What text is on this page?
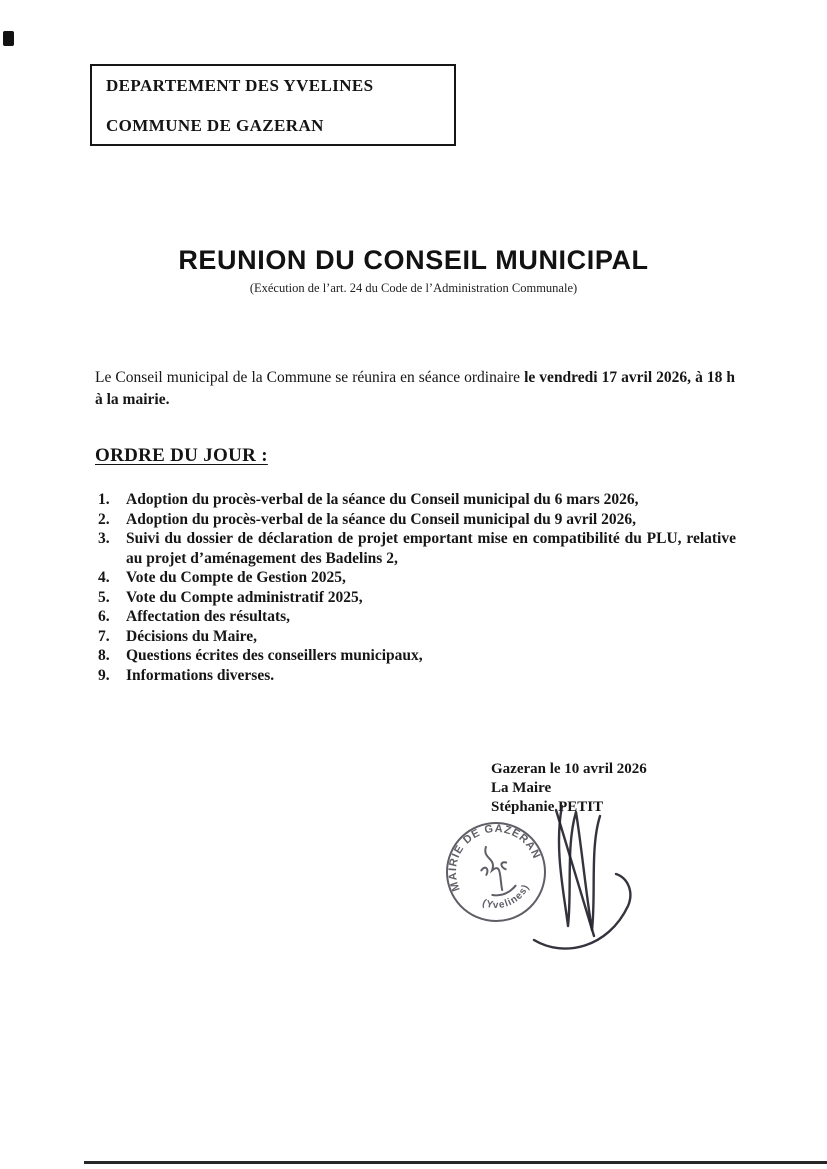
DEPARTEMENT DES YVELINES
COMMUNE DE GAZERAN
REUNION DU CONSEIL MUNICIPAL
(Exécution de l’art. 24 du Code de l’Administration Communale)

Le Conseil municipal de la Commune se réunira en séance ordinaire le vendredi 17 avril 2026, à 18 h à la mairie.

ORDRE DU JOUR :
1.	Adoption du procès-verbal de la séance du Conseil municipal du 6 mars 2026,
2.	Adoption du procès-verbal de la séance du Conseil municipal du 9 avril 2026,
3.	Suivi du dossier de déclaration de projet emportant mise en compatibilité du PLU, relative au projet d’aménagement des Badelins 2,
4.	Vote du Compte de Gestion 2025,
5.	Vote du Compte administratif 2025,
6.	Affectation des résultats,
7.	Décisions du Maire,
8.	Questions écrites des conseillers municipaux,
9.	Informations diverses.
Gazeran le 10 avril 2026
La Maire
Stéphanie PETIT
MAIRIE DE GAZERAN
(Yvelines)
